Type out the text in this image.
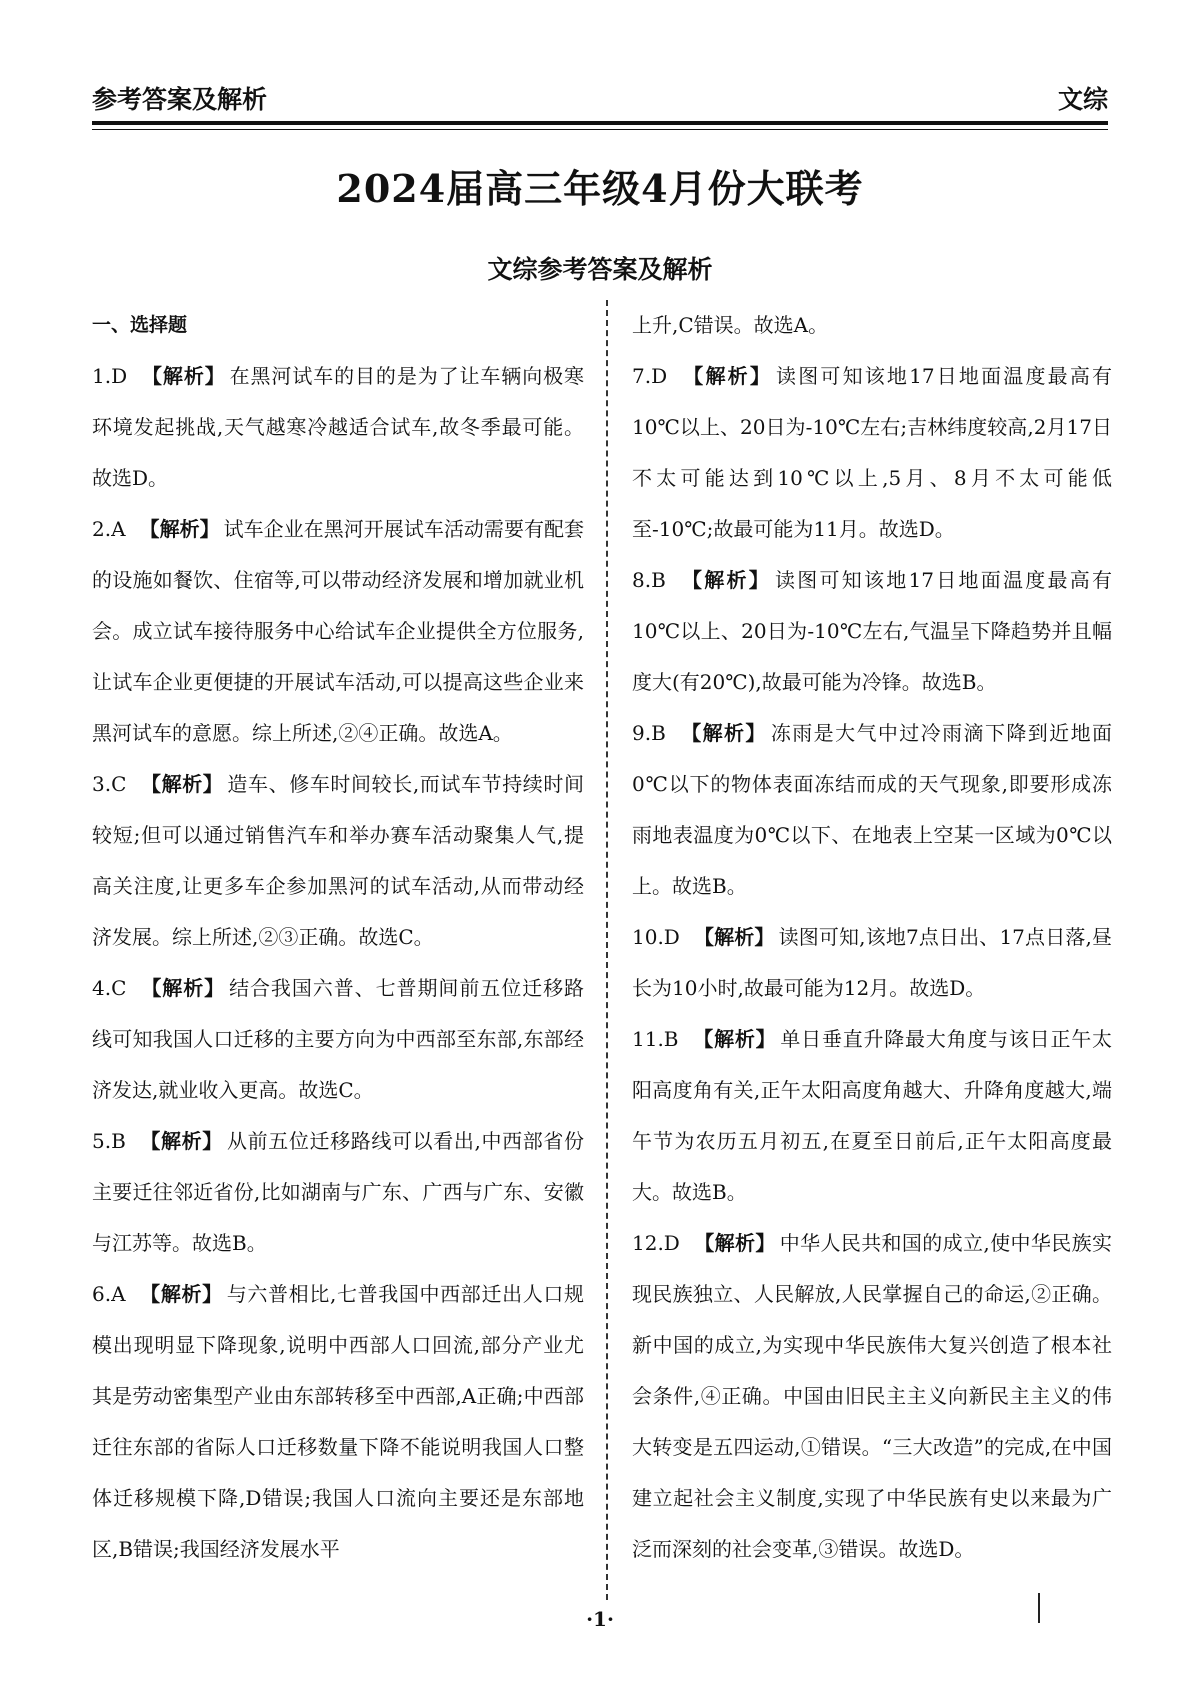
参考答案及解析	文综
2024届高三年级4月份大联考
文综参考答案及解析

一、选择题

1.D 【解析】 在黑河试车的目的是为了让车辆向极寒环境发起挑战,天气越寒冷越适合试车,故冬季最可能。故选D。

2.A 【解析】 试车企业在黑河开展试车活动需要有配套的设施如餐饮、住宿等,可以带动经济发展和增加就业机会。成立试车接待服务中心给试车企业提供全方位服务,让试车企业更便捷的开展试车活动,可以提高这些企业来黑河试车的意愿。综上所述,②④正确。故选A。

3.C 【解析】 造车、修车时间较长,而试车节持续时间较短;但可以通过销售汽车和举办赛车活动聚集人气,提高关注度,让更多车企参加黑河的试车活动,从而带动经济发展。综上所述,②③正确。故选C。

4.C 【解析】 结合我国六普、七普期间前五位迁移路线可知我国人口迁移的主要方向为中西部至东部,东部经济发达,就业收入更高。故选C。

5.B 【解析】 从前五位迁移路线可以看出,中西部省份主要迁往邻近省份,比如湖南与广东、广西与广东、安徽与江苏等。故选B。

6.A 【解析】 与六普相比,七普我国中西部迁出人口规模出现明显下降现象,说明中西部人口回流,部分产业尤其是劳动密集型产业由东部转移至中西部,A正确;中西部迁往东部的省际人口迁移数量下降不能说明我国人口整体迁移规模下降,D错误;我国人口流向主要还是东部地区,B错误;我国经济发展水平

上升,C错误。故选A。

7.D 【解析】 读图可知该地17日地面温度最高有10℃以上、20日为-10℃左右;吉林纬度较高,2月17日不太可能达到10℃以上,5月、8月不太可能低至-10℃;故最可能为11月。故选D。

8.B 【解析】 读图可知该地17日地面温度最高有10℃以上、20日为-10℃左右,气温呈下降趋势并且幅度大(有20℃),故最可能为冷锋。故选B。

9.B 【解析】 冻雨是大气中过冷雨滴下降到近地面0℃以下的物体表面冻结而成的天气现象,即要形成冻雨地表温度为0℃以下、在地表上空某一区域为0℃以上。故选B。

10.D 【解析】 读图可知,该地7点日出、17点日落,昼长为10小时,故最可能为12月。故选D。

11.B 【解析】 单日垂直升降最大角度与该日正午太阳高度角有关,正午太阳高度角越大、升降角度越大,端午节为农历五月初五,在夏至日前后,正午太阳高度最大。故选B。

12.D 【解析】 中华人民共和国的成立,使中华民族实现民族独立、人民解放,人民掌握自己的命运,②正确。新中国的成立,为实现中华民族伟大复兴创造了根本社会条件,④正确。中国由旧民主主义向新民主主义的伟大转变是五四运动,①错误。“三大改造”的完成,在中国建立起社会主义制度,实现了中华民族有史以来最为广泛而深刻的社会变革,③错误。故选D。

·1·
